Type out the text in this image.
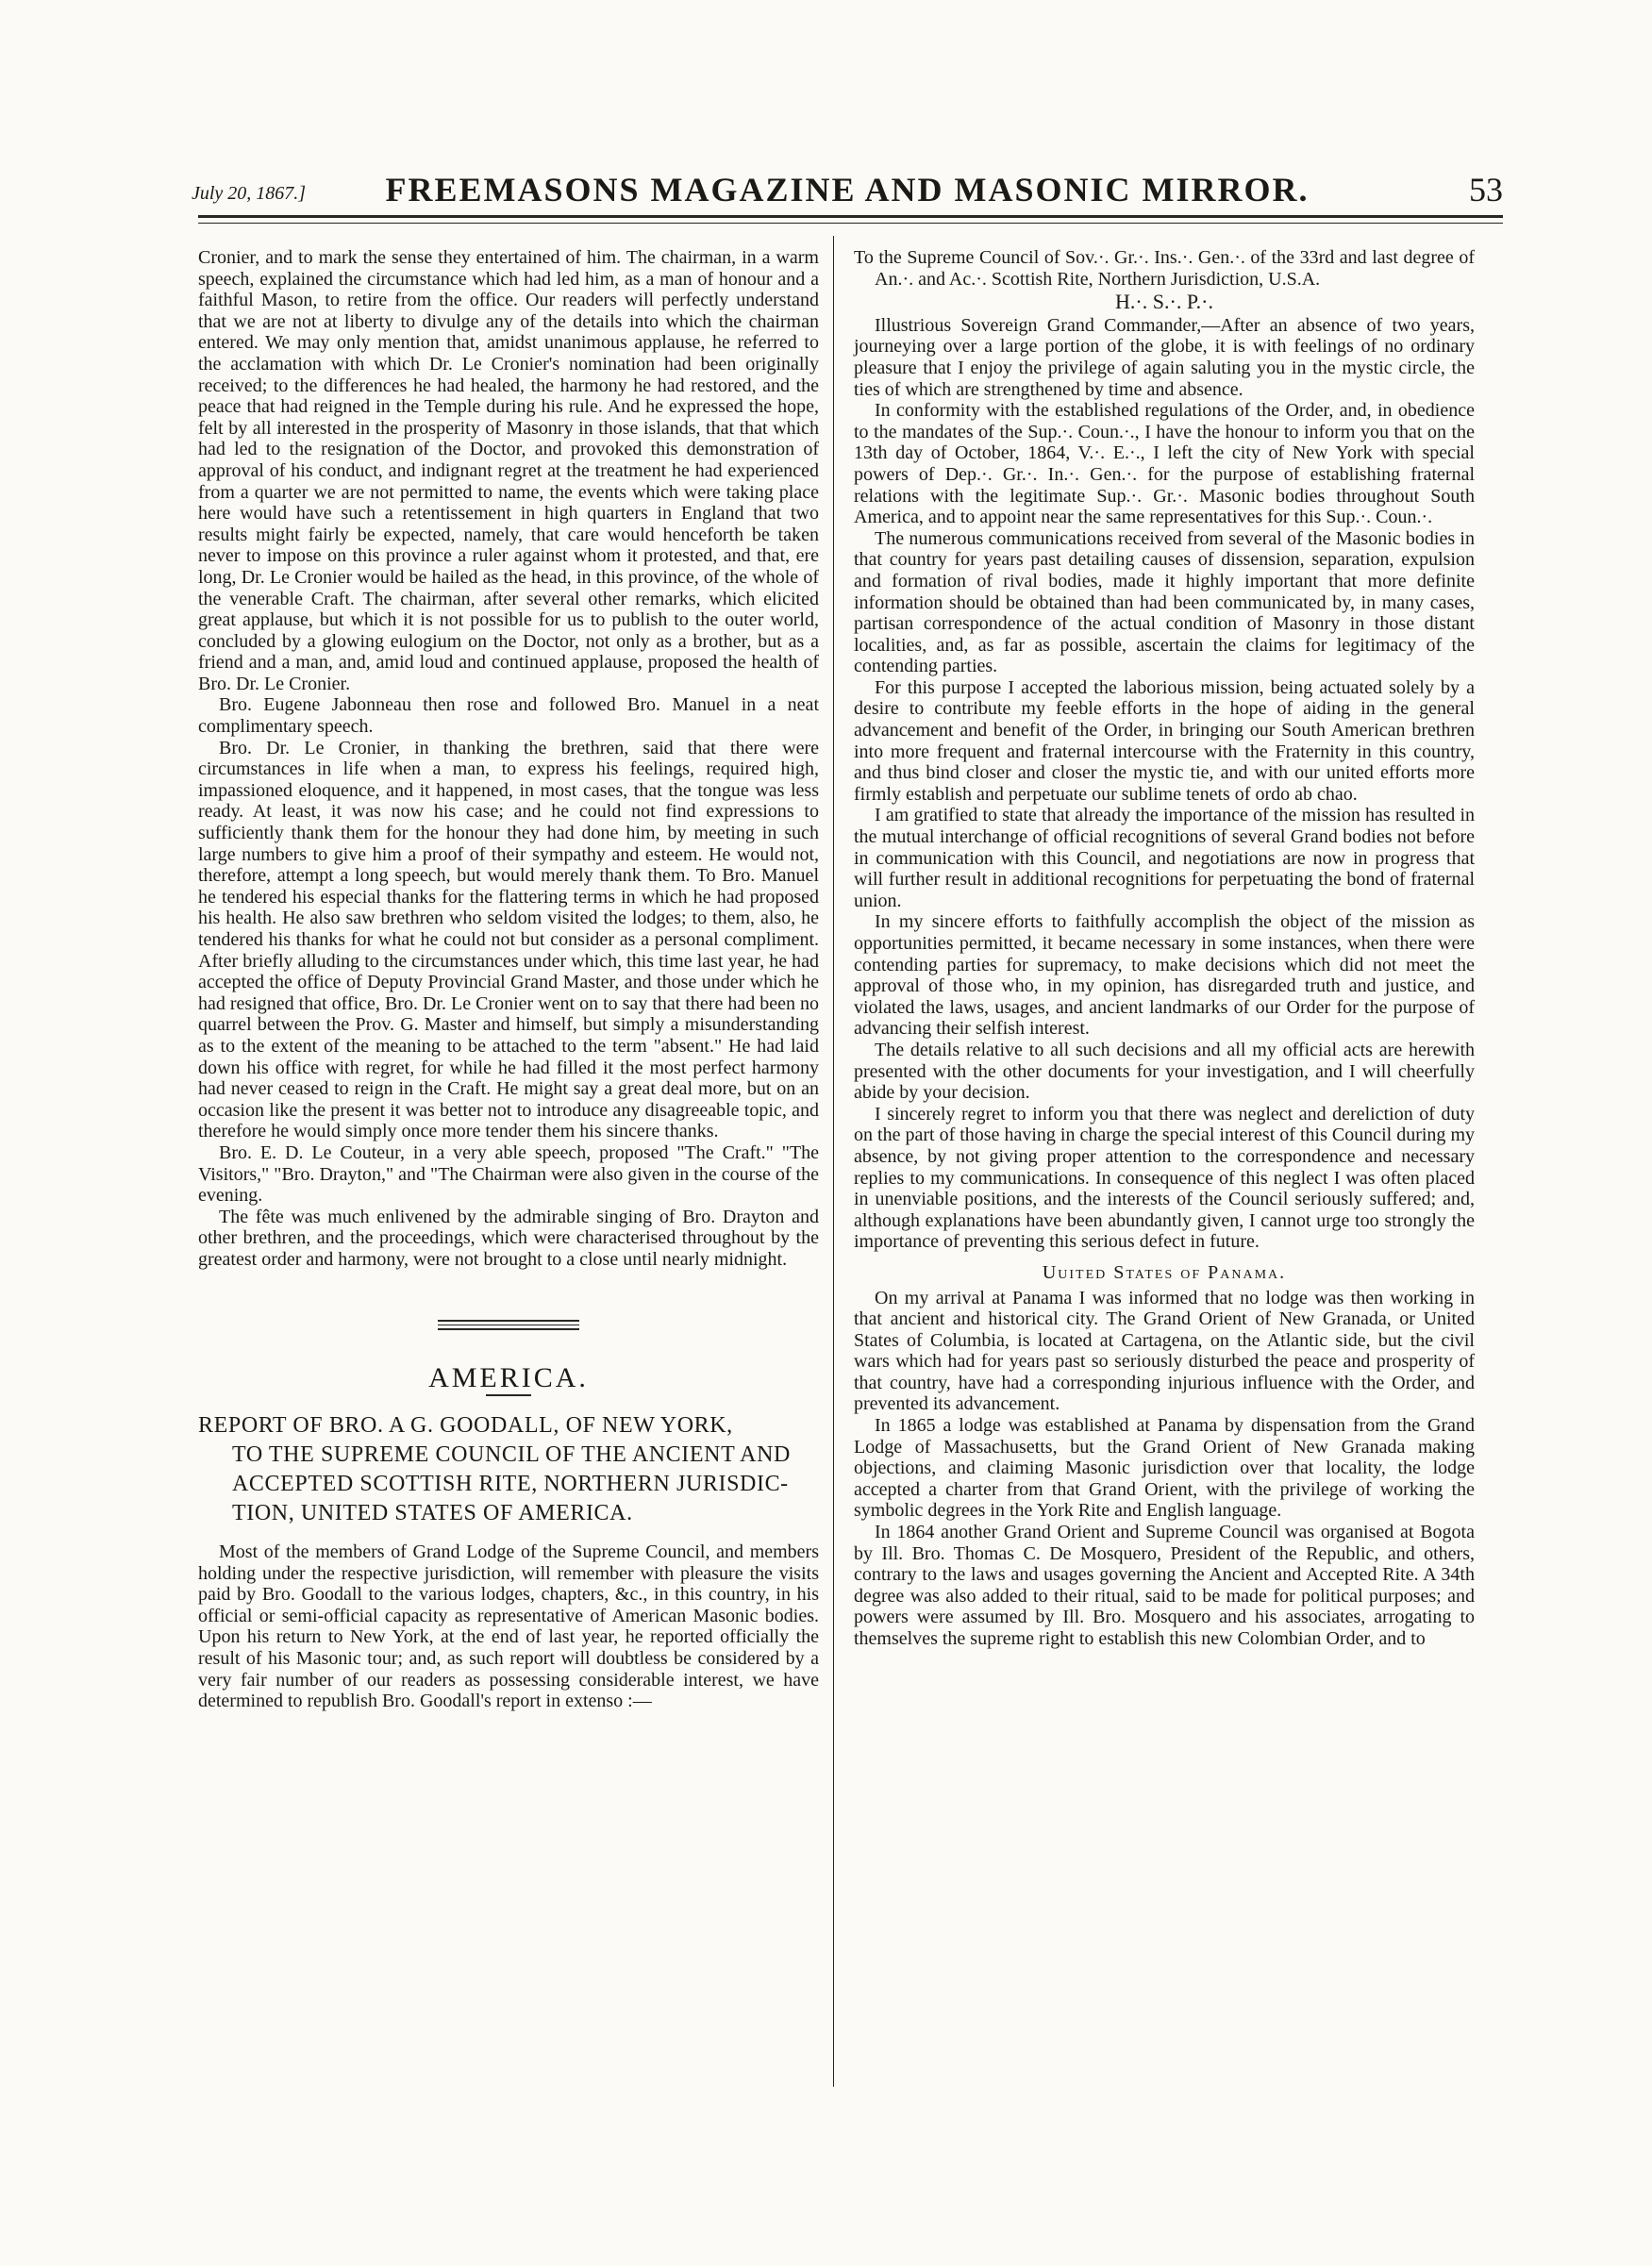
July 20, 1867.]	FREEMASONS MAGAZINE AND MASONIC MIRROR.	53

Cronier, and to mark the sense they entertained of him. The chairman, in a warm speech, explained the circumstance which had led him, as a man of honour and a faithful Mason, to retire from the office. Our readers will perfectly understand that we are not at liberty to divulge any of the details into which the chairman entered. We may only mention that, amidst unanimous applause, he referred to the acclamation with which Dr. Le Cronier's nomination had been originally received; to the differences he had healed, the harmony he had restored, and the peace that had reigned in the Temple during his rule. And he expressed the hope, felt by all interested in the prosperity of Masonry in those islands, that that which had led to the resignation of the Doctor, and provoked this demonstration of approval of his conduct, and indignant regret at the treatment he had experienced from a quarter we are not permitted to name, the events which were taking place here would have such a retentissement in high quarters in England that two results might fairly be expected, namely, that care would henceforth be taken never to impose on this province a ruler against whom it protested, and that, ere long, Dr. Le Cronier would be hailed as the head, in this province, of the whole of the venerable Craft. The chairman, after several other remarks, which elicited great applause, but which it is not possible for us to publish to the outer world, concluded by a glowing eulogium on the Doctor, not only as a brother, but as a friend and a man, and, amid loud and continued applause, proposed the health of Bro. Dr. Le Cronier.

Bro. Eugene Jabonneau then rose and followed Bro. Manuel in a neat complimentary speech.

Bro. Dr. Le Cronier, in thanking the brethren, said that there were circumstances in life when a man, to express his feelings, required high, impassioned eloquence, and it happened, in most cases, that the tongue was less ready. At least, it was now his case; and he could not find expressions to sufficiently thank them for the honour they had done him, by meeting in such large numbers to give him a proof of their sympathy and esteem. He would not, therefore, attempt a long speech, but would merely thank them. To Bro. Manuel he tendered his especial thanks for the flattering terms in which he had proposed his health. He also saw brethren who seldom visited the lodges; to them, also, he tendered his thanks for what he could not but consider as a personal compliment. After briefly alluding to the circumstances under which, this time last year, he had accepted the office of Deputy Provincial Grand Master, and those under which he had resigned that office, Bro. Dr. Le Cronier went on to say that there had been no quarrel between the Prov. G. Master and himself, but simply a misunderstanding as to the extent of the meaning to be attached to the term "absent." He had laid down his office with regret, for while he had filled it the most perfect harmony had never ceased to reign in the Craft. He might say a great deal more, but on an occasion like the present it was better not to introduce any disagreeable topic, and therefore he would simply once more tender them his sincere thanks.

Bro. E. D. Le Couteur, in a very able speech, proposed "The Craft." "The Visitors," "Bro. Drayton," and "The Chairman were also given in the course of the evening.

The fête was much enlivened by the admirable singing of Bro. Drayton and other brethren, and the proceedings, which were characterised throughout by the greatest order and harmony, were not brought to a close until nearly midnight.

AMERICA.
REPORT OF BRO. A G. GOODALL, OF NEW YORK,
TO THE SUPREME COUNCIL OF THE ANCIENT AND
ACCEPTED SCOTTISH RITE, NORTHERN JURISDIC-
TION, UNITED STATES OF AMERICA.

Most of the members of Grand Lodge of the Supreme Council, and members holding under the respective jurisdiction, will remember with pleasure the visits paid by Bro. Goodall to the various lodges, chapters, &c., in this country, in his official or semi-official capacity as representative of American Masonic bodies. Upon his return to New York, at the end of last year, he reported officially the result of his Masonic tour; and, as such report will doubtless be considered by a very fair number of our readers as possessing considerable interest, we have determined to republish Bro. Goodall's report in extenso :—

To the Supreme Council of Sov.·. Gr.·. Ins.·. Gen.·. of the 33rd and last degree of An.·. and Ac.·. Scottish Rite, Northern Jurisdiction, U.S.A.

H.·. S.·. P.·.

Illustrious Sovereign Grand Commander,—After an absence of two years, journeying over a large portion of the globe, it is with feelings of no ordinary pleasure that I enjoy the privilege of again saluting you in the mystic circle, the ties of which are strengthened by time and absence.

In conformity with the established regulations of the Order, and, in obedience to the mandates of the Sup.·. Coun.·., I have the honour to inform you that on the 13th day of October, 1864, V.·. E.·., I left the city of New York with special powers of Dep.·. Gr.·. In.·. Gen.·. for the purpose of establishing fraternal relations with the legitimate Sup.·. Gr.·. Masonic bodies throughout South America, and to appoint near the same representatives for this Sup.·. Coun.·.

The numerous communications received from several of the Masonic bodies in that country for years past detailing causes of dissension, separation, expulsion and formation of rival bodies, made it highly important that more definite information should be obtained than had been communicated by, in many cases, partisan correspondence of the actual condition of Masonry in those distant localities, and, as far as possible, ascertain the claims for legitimacy of the contending parties.

For this purpose I accepted the laborious mission, being actuated solely by a desire to contribute my feeble efforts in the hope of aiding in the general advancement and benefit of the Order, in bringing our South American brethren into more frequent and fraternal intercourse with the Fraternity in this country, and thus bind closer and closer the mystic tie, and with our united efforts more firmly establish and perpetuate our sublime tenets of ordo ab chao.

I am gratified to state that already the importance of the mission has resulted in the mutual interchange of official recognitions of several Grand bodies not before in communication with this Council, and negotiations are now in progress that will further result in additional recognitions for perpetuating the bond of fraternal union.

In my sincere efforts to faithfully accomplish the object of the mission as opportunities permitted, it became necessary in some instances, when there were contending parties for supremacy, to make decisions which did not meet the approval of those who, in my opinion, has disregarded truth and justice, and violated the laws, usages, and ancient landmarks of our Order for the purpose of advancing their selfish interest.

The details relative to all such decisions and all my official acts are herewith presented with the other documents for your investigation, and I will cheerfully abide by your decision.

I sincerely regret to inform you that there was neglect and dereliction of duty on the part of those having in charge the special interest of this Council during my absence, by not giving proper attention to the correspondence and necessary replies to my communications. In consequence of this neglect I was often placed in unenviable positions, and the interests of the Council seriously suffered; and, although explanations have been abundantly given, I cannot urge too strongly the importance of preventing this serious defect in future.

Uuited States of Panama.

On my arrival at Panama I was informed that no lodge was then working in that ancient and historical city. The Grand Orient of New Granada, or United States of Columbia, is located at Cartagena, on the Atlantic side, but the civil wars which had for years past so seriously disturbed the peace and prosperity of that country, have had a corresponding injurious influence with the Order, and prevented its advancement.

In 1865 a lodge was established at Panama by dispensation from the Grand Lodge of Massachusetts, but the Grand Orient of New Granada making objections, and claiming Masonic jurisdiction over that locality, the lodge accepted a charter from that Grand Orient, with the privilege of working the symbolic degrees in the York Rite and English language.

In 1864 another Grand Orient and Supreme Council was organised at Bogota by Ill. Bro. Thomas C. De Mosquero, President of the Republic, and others, contrary to the laws and usages governing the Ancient and Accepted Rite. A 34th degree was also added to their ritual, said to be made for political purposes; and powers were assumed by Ill. Bro. Mosquero and his associates, arrogating to themselves the supreme right to establish this new Colombian Order, and to
